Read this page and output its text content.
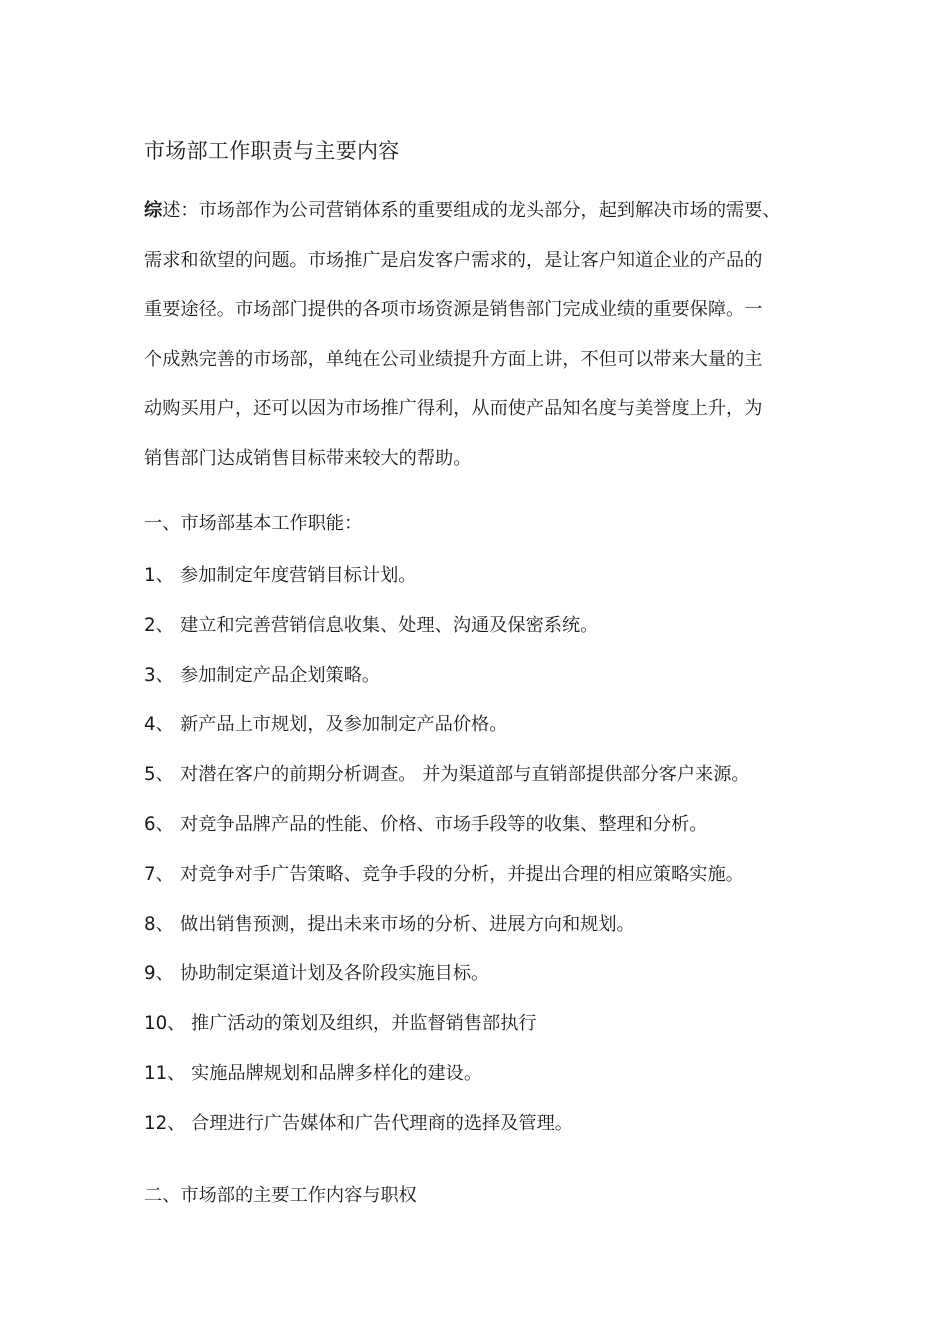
市场部工作职责与主要内容
综述：市场部作为公司营销体系的重要组成的龙头部分，起到解决市场的需要、
需求和欲望的问题。市场推广是启发客户需求的，是让客户知道企业的产品的
重要途径。市场部门提供的各项市场资源是销售部门完成业绩的重要保障。一
个成熟完善的市场部，单纯在公司业绩提升方面上讲，不但可以带来大量的主
动购买用户，还可以因为市场推广得利，从而使产品知名度与美誉度上升，为
销售部门达成销售目标带来较大的帮助。
一、市场部基本工作职能：
1、 参加制定年度营销目标计划。
2、 建立和完善营销信息收集、处理、沟通及保密系统。
3、 参加制定产品企划策略。
4、 新产品上市规划，及参加制定产品价格。
5、 对潜在客户的前期分析调查。 并为渠道部与直销部提供部分客户来源。
6、 对竞争品牌产品的性能、价格、市场手段等的收集、整理和分析。
7、 对竞争对手广告策略、竞争手段的分析，并提出合理的相应策略实施。
8、 做出销售预测，提出未来市场的分析、进展方向和规划。
9、 协助制定渠道计划及各阶段实施目标。
10、 推广活动的策划及组织，并监督销售部执行
11、 实施品牌规划和品牌多样化的建设。
12、 合理进行广告媒体和广告代理商的选择及管理。
二、市场部的主要工作内容与职权
